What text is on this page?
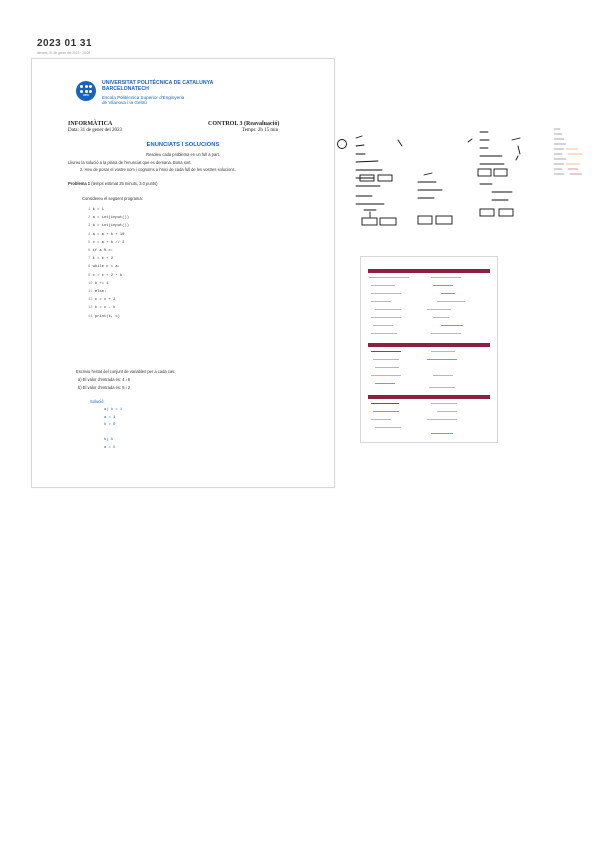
2023 01 31
dimarts, 31 de gener del 2023 · 15:05
UPC
UNIVERSITAT POLITÈCNICA DE CATALUNYA
BARCELONATECH
Escola Politècnica Superior d'Enginyeria
de Vilanova i la Geltrú
INFORMÀTICA	CONTROL 3 (Reavaluació)
Data: 31 de gener del 2023	Temps: 2h 15 min
ENUNCIATS I SOLUCIONS
Resoleu cada problema en un full a part.
Lliureu la solució a la plana de l'enunciat que es demana. Bona sort.
2. Heu de posar el vostre nom i cognoms a l'inici de cada full de les vostres solucions.
Problema 1 (temps estimat 25 minuts, 3.0 punts)
Considereu el següent programa:
1 k = 1
2 a = int(input())
3 b = int(input())
4 a = a + b + 10
5 c = a + b // 2
6 if a % c:
7 k = k + 2
8 while c < a:
9 c = c + 2 * k
10 k += 1
11 else:
12 c = c + 2
13 k = c - k
14 print(k, c)
Escriviu l'estat del conjunt de variables per a cada cas:
a) El valor d'entrada és: 4 i 6
b) El valor d'entrada és: 5 i 2
Solució:
a) k = 1
a = 4
b = 6
b) k
a = 5
